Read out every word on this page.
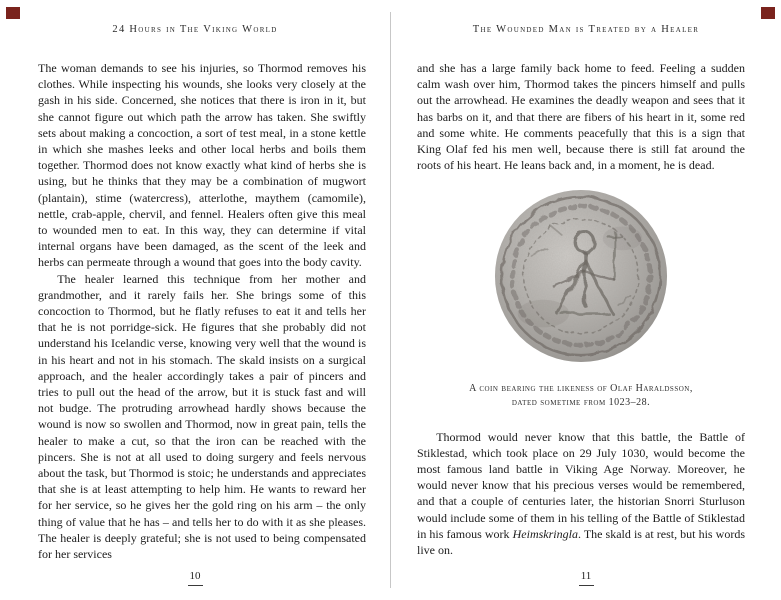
24 Hours in The Viking World

The woman demands to see his injuries, so Thormod removes his clothes. While inspecting his wounds, she looks very closely at the gash in his side. Concerned, she notices that there is iron in it, but she cannot figure out which path the arrow has taken. She swiftly sets about making a concoction, a sort of test meal, in a stone kettle in which she mashes leeks and other local herbs and boils them together. Thormod does not know exactly what kind of herbs she is using, but he thinks that they may be a combination of mugwort (plantain), stime (watercress), atterlothe, maythem (camomile), nettle, crab-apple, chervil, and fennel. Healers often give this meal to wounded men to eat. In this way, they can determine if vital internal organs have been damaged, as the scent of the leek and herbs can permeate through a wound that goes into the body cavity.

The healer learned this technique from her mother and grandmother, and it rarely fails her. She brings some of this concoction to Thormod, but he flatly refuses to eat it and tells her that he is not porridge-sick. He figures that she probably did not understand his Icelandic verse, knowing very well that the wound is in his heart and not in his stomach. The skald insists on a surgical approach, and the healer accordingly takes a pair of pincers and tries to pull out the head of the arrow, but it is stuck fast and will not budge. The protruding arrowhead hardly shows because the wound is now so swollen and Thormod, now in great pain, tells the healer to make a cut, so that the iron can be reached with the pincers. She is not at all used to doing surgery and feels nervous about the task, but Thormod is stoic; he understands and appreciates that she is at least attempting to help him. He wants to reward her for her service, so he gives her the gold ring on his arm – the only thing of value that he has – and tells her to do with it as she pleases. The healer is deeply grateful; she is not used to being compensated for her services

10
The Wounded Man is Treated by a Healer

and she has a large family back home to feed. Feeling a sudden calm wash over him, Thormod takes the pincers himself and pulls out the arrowhead. He examines the deadly weapon and sees that it has barbs on it, and that there are fibers of his heart in it, some red and some white. He comments peacefully that this is a sign that King Olaf fed his men well, because there is still fat around the roots of his heart. He leans back and, in a moment, he is dead.

A coin bearing the likeness of Olaf Haraldsson, dated sometime from 1023–28.

Thormod would never know that this battle, the Battle of Stiklestad, which took place on 29 July 1030, would become the most famous land battle in Viking Age Norway. Moreover, he would never know that his precious verses would be remembered, and that a couple of centuries later, the historian Snorri Sturluson would include some of them in his telling of the Battle of Stiklestad in his famous work Heimskringla. The skald is at rest, but his words live on.

11
